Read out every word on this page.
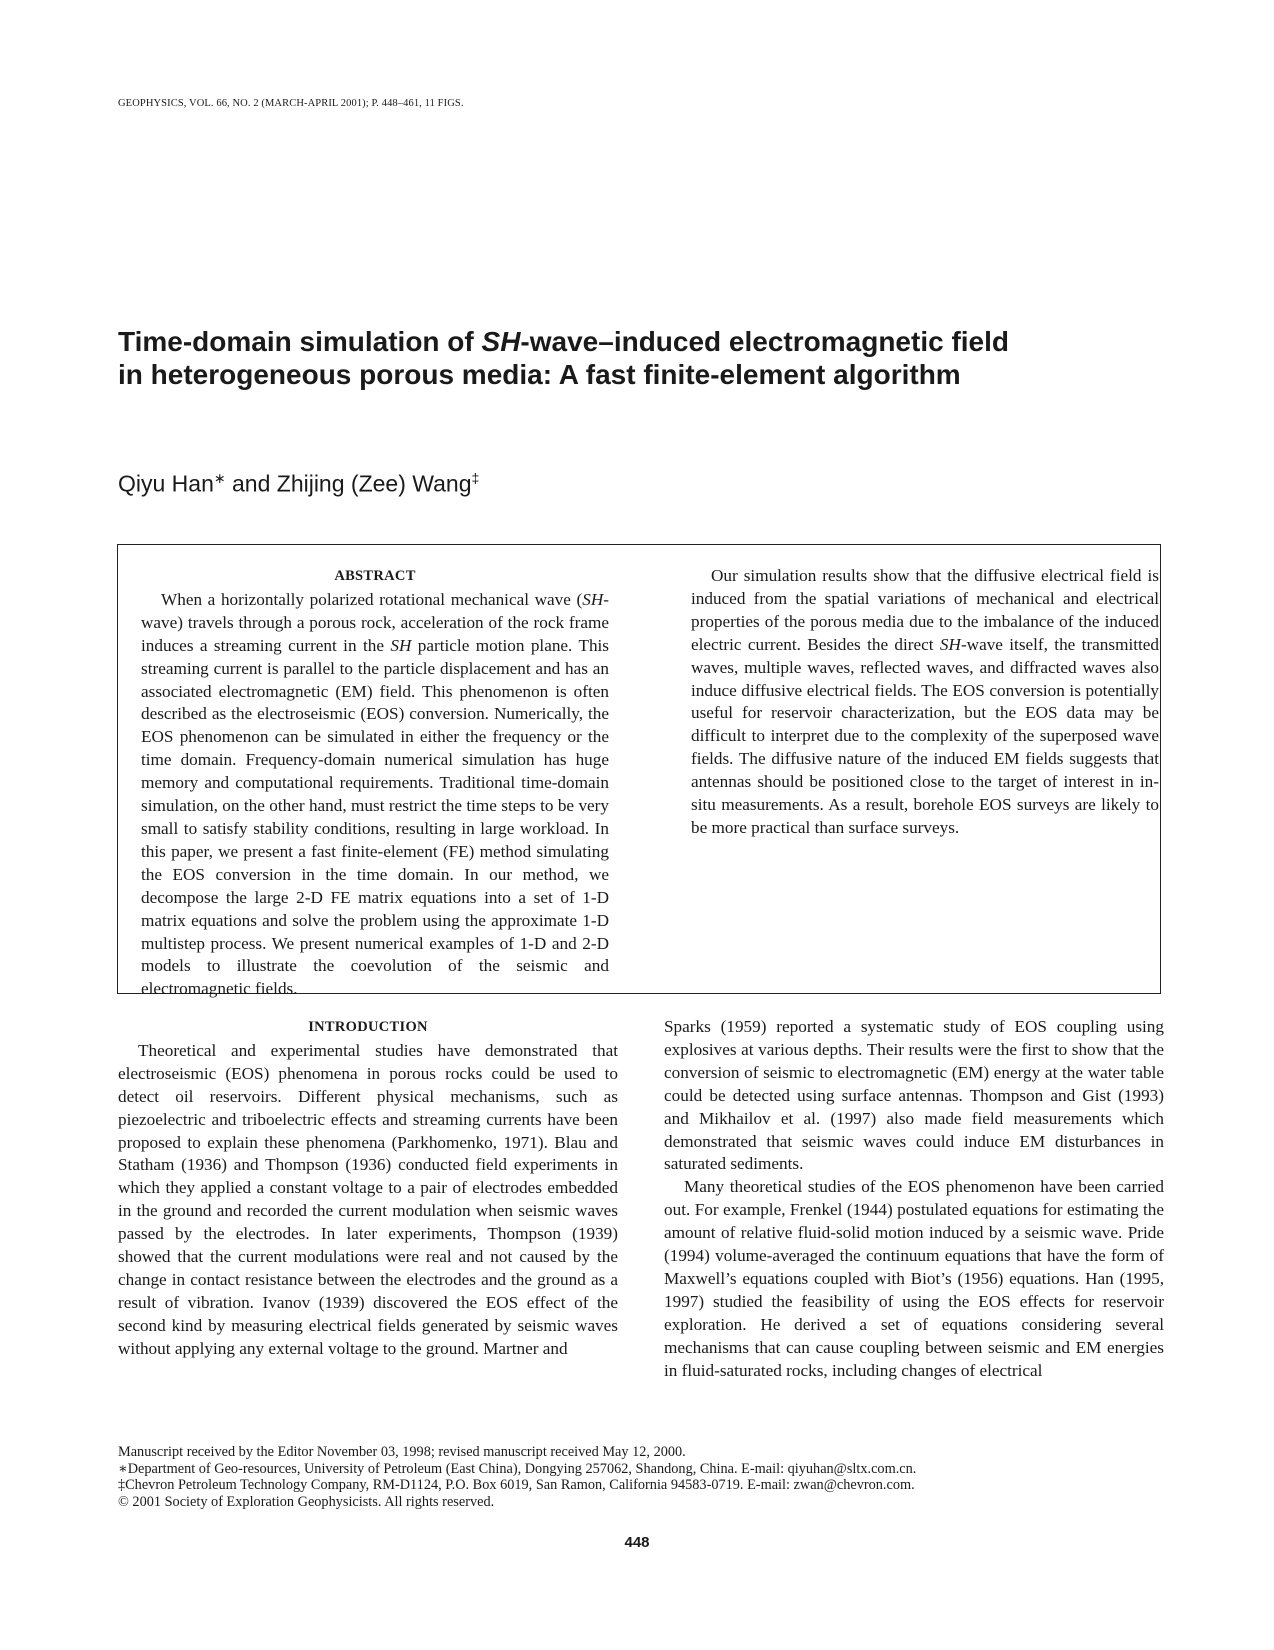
GEOPHYSICS, VOL. 66, NO. 2 (MARCH-APRIL 2001); P. 448–461, 11 FIGS.
Time-domain simulation of SH-wave–induced electromagnetic field
in heterogeneous porous media: A fast finite-element algorithm
Qiyu Han∗ and Zhijing (Zee) Wang‡
ABSTRACT

When a horizontally polarized rotational mechanical wave (SH-wave) travels through a porous rock, acceleration of the rock frame induces a streaming current in the SH particle motion plane. This streaming current is parallel to the particle displacement and has an associated electromagnetic (EM) field. This phenomenon is often described as the electroseismic (EOS) conversion. Numerically, the EOS phenomenon can be simulated in either the frequency or the time domain. Frequency-domain numerical simulation has huge memory and computational requirements. Traditional time-domain simulation, on the other hand, must restrict the time steps to be very small to satisfy stability conditions, resulting in large workload. In this paper, we present a fast finite-element (FE) method simulating the EOS conversion in the time domain. In our method, we decompose the large 2-D FE matrix equations into a set of 1-D matrix equations and solve the problem using the approximate 1-D multistep process. We present numerical examples of 1-D and 2-D models to illustrate the coevolution of the seismic and electromagnetic fields.

Our simulation results show that the diffusive electrical field is induced from the spatial variations of mechanical and electrical properties of the porous media due to the imbalance of the induced electric current. Besides the direct SH-wave itself, the transmitted waves, multiple waves, reflected waves, and diffracted waves also induce diffusive electrical fields. The EOS conversion is potentially useful for reservoir characterization, but the EOS data may be difficult to interpret due to the complexity of the superposed wave fields. The diffusive nature of the induced EM fields suggests that antennas should be positioned close to the target of interest in in-situ measurements. As a result, borehole EOS surveys are likely to be more practical than surface surveys.

INTRODUCTION

Theoretical and experimental studies have demonstrated that electroseismic (EOS) phenomena in porous rocks could be used to detect oil reservoirs. Different physical mechanisms, such as piezoelectric and triboelectric effects and streaming currents have been proposed to explain these phenomena (Parkhomenko, 1971). Blau and Statham (1936) and Thompson (1936) conducted field experiments in which they applied a constant voltage to a pair of electrodes embedded in the ground and recorded the current modulation when seismic waves passed by the electrodes. In later experiments, Thompson (1939) showed that the current modulations were real and not caused by the change in contact resistance between the electrodes and the ground as a result of vibration. Ivanov (1939) discovered the EOS effect of the second kind by measuring electrical fields generated by seismic waves without applying any external voltage to the ground. Martner and

Sparks (1959) reported a systematic study of EOS coupling using explosives at various depths. Their results were the first to show that the conversion of seismic to electromagnetic (EM) energy at the water table could be detected using surface antennas. Thompson and Gist (1993) and Mikhailov et al. (1997) also made field measurements which demonstrated that seismic waves could induce EM disturbances in saturated sediments.

Many theoretical studies of the EOS phenomenon have been carried out. For example, Frenkel (1944) postulated equations for estimating the amount of relative fluid-solid motion induced by a seismic wave. Pride (1994) volume-averaged the continuum equations that have the form of Maxwell’s equations coupled with Biot’s (1956) equations. Han (1995, 1997) studied the feasibility of using the EOS effects for reservoir exploration. He derived a set of equations considering several mechanisms that can cause coupling between seismic and EM energies in fluid-saturated rocks, including changes of electrical

Manuscript received by the Editor November 03, 1998; revised manuscript received May 12, 2000.
∗Department of Geo-resources, University of Petroleum (East China), Dongying 257062, Shandong, China. E-mail: qiyuhan@sltx.com.cn.
‡Chevron Petroleum Technology Company, RM-D1124, P.O. Box 6019, San Ramon, California 94583-0719. E-mail: zwan@chevron.com.
© 2001 Society of Exploration Geophysicists. All rights reserved.
448
